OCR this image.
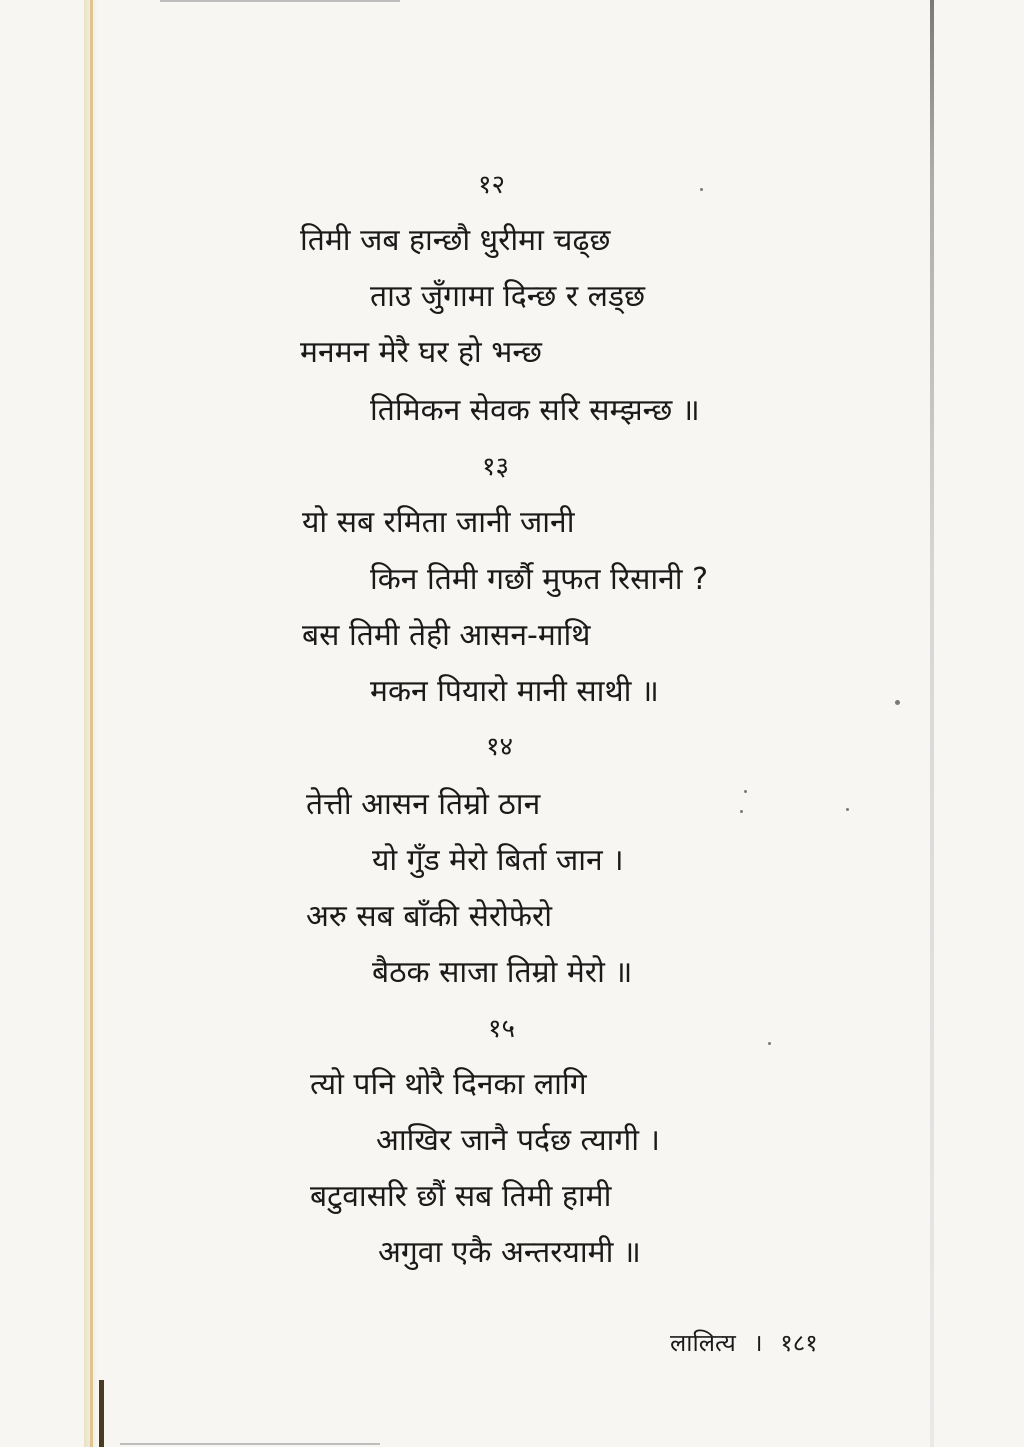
१२
तिमी जब हान्छौ धुरीमा चढ्छ
ताउ जुँगामा दिन्छ र लड्छ
मनमन मेरै घर हो भन्छ
तिमिकन सेवक सरि सम्झन्छ ॥
१३
यो सब रमिता जानी जानी
किन तिमी गर्छौ मुफत रिसानी ?
बस तिमी तेही आसन-माथि
मकन पियारो मानी साथी ॥
१४
तेत्ती आसन तिम्रो ठान
यो गुँड मेरो बिर्ता जान ।
अरु सब बाँकी सेरोफेरो
बैठक साजा तिम्रो मेरो ॥
१५
त्यो पनि थोरै दिनका लागि
आखिर जानै पर्दछ त्यागी ।
बटुवासरि छौं सब तिमी हामी
अगुवा एकै अन्तरयामी ॥
लालित्य । १८१
